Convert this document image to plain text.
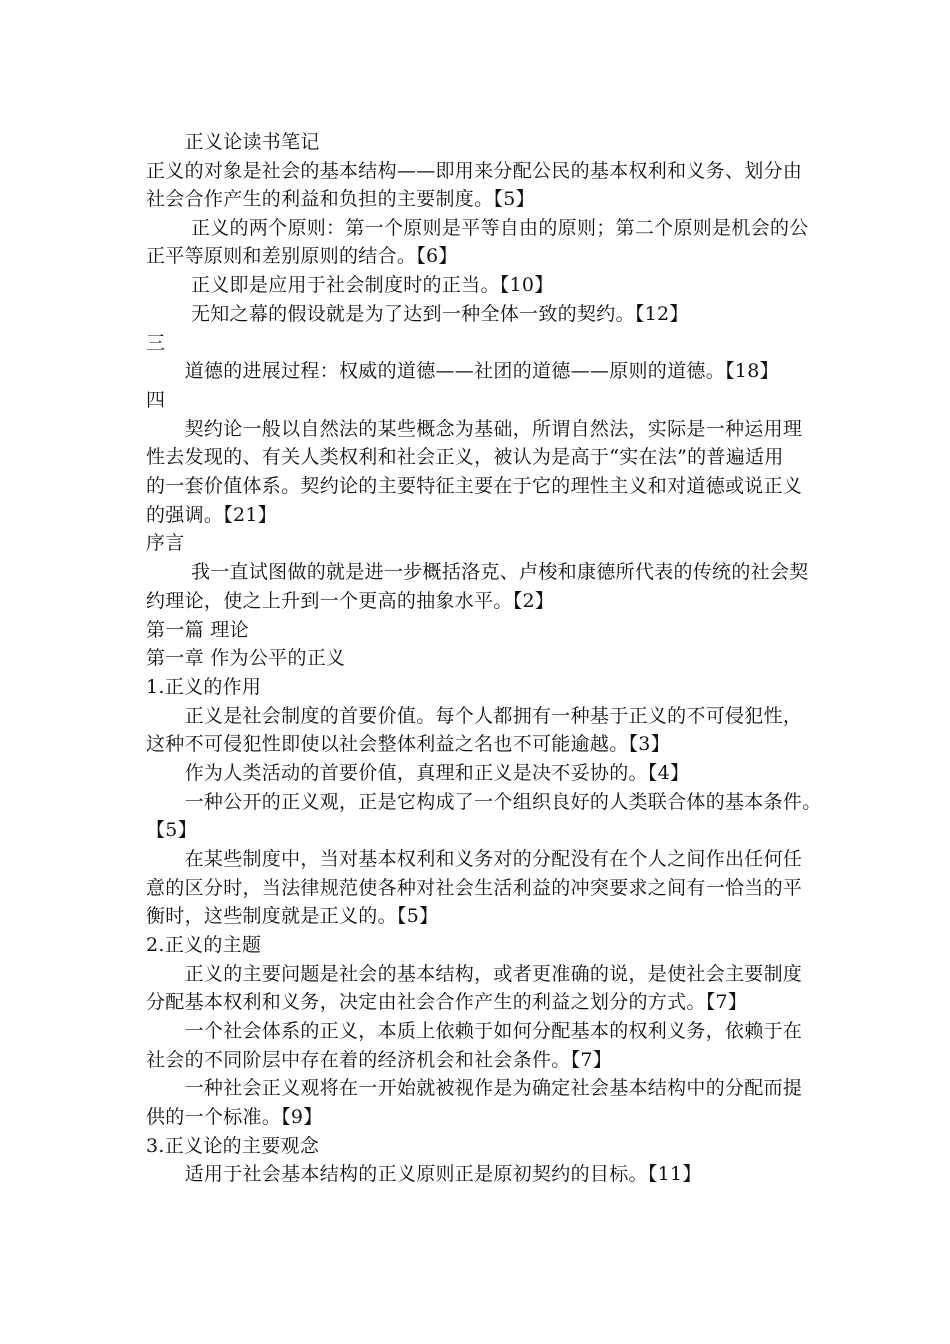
　　正义论读书笔记
正义的对象是社会的基本结构——即用来分配公民的基本权利和义务、划分由
社会合作产生的利益和负担的主要制度。【5】
　　 正义的两个原则：第一个原则是平等自由的原则；第二个原则是机会的公
正平等原则和差别原则的结合。【6】
　　 正义即是应用于社会制度时的正当。【10】
　　 无知之幕的假设就是为了达到一种全体一致的契约。【12】
三
　　道德的进展过程：权威的道德——社团的道德——原则的道德。【18】
四
　　契约论一般以自然法的某些概念为基础，所谓自然法，实际是一种运用理
性去发现的、有关人类权利和社会正义，被认为是高于“实在法”的普遍适用
的一套价值体系。契约论的主要特征主要在于它的理性主义和对道德或说正义
的强调。【21】
序言
　　 我一直试图做的就是进一步概括洛克、卢梭和康德所代表的传统的社会契
约理论，使之上升到一个更高的抽象水平。【2】
第一篇 理论
第一章 作为公平的正义
1.正义的作用
　　正义是社会制度的首要价值。每个人都拥有一种基于正义的不可侵犯性，
这种不可侵犯性即使以社会整体利益之名也不可能逾越。【3】
　　作为人类活动的首要价值，真理和正义是决不妥协的。【4】
　　一种公开的正义观，正是它构成了一个组织良好的人类联合体的基本条件。
【5】
　　在某些制度中，当对基本权利和义务对的分配没有在个人之间作出任何任
意的区分时，当法律规范使各种对社会生活利益的冲突要求之间有一恰当的平
衡时，这些制度就是正义的。【5】
2.正义的主题
　　正义的主要问题是社会的基本结构，或者更准确的说，是使社会主要制度
分配基本权利和义务，决定由社会合作产生的利益之划分的方式。【7】
　　一个社会体系的正义，本质上依赖于如何分配基本的权利义务，依赖于在
社会的不同阶层中存在着的经济机会和社会条件。【7】
　　一种社会正义观将在一开始就被视作是为确定社会基本结构中的分配而提
供的一个标准。【9】
3.正义论的主要观念
　　适用于社会基本结构的正义原则正是原初契约的目标。【11】
